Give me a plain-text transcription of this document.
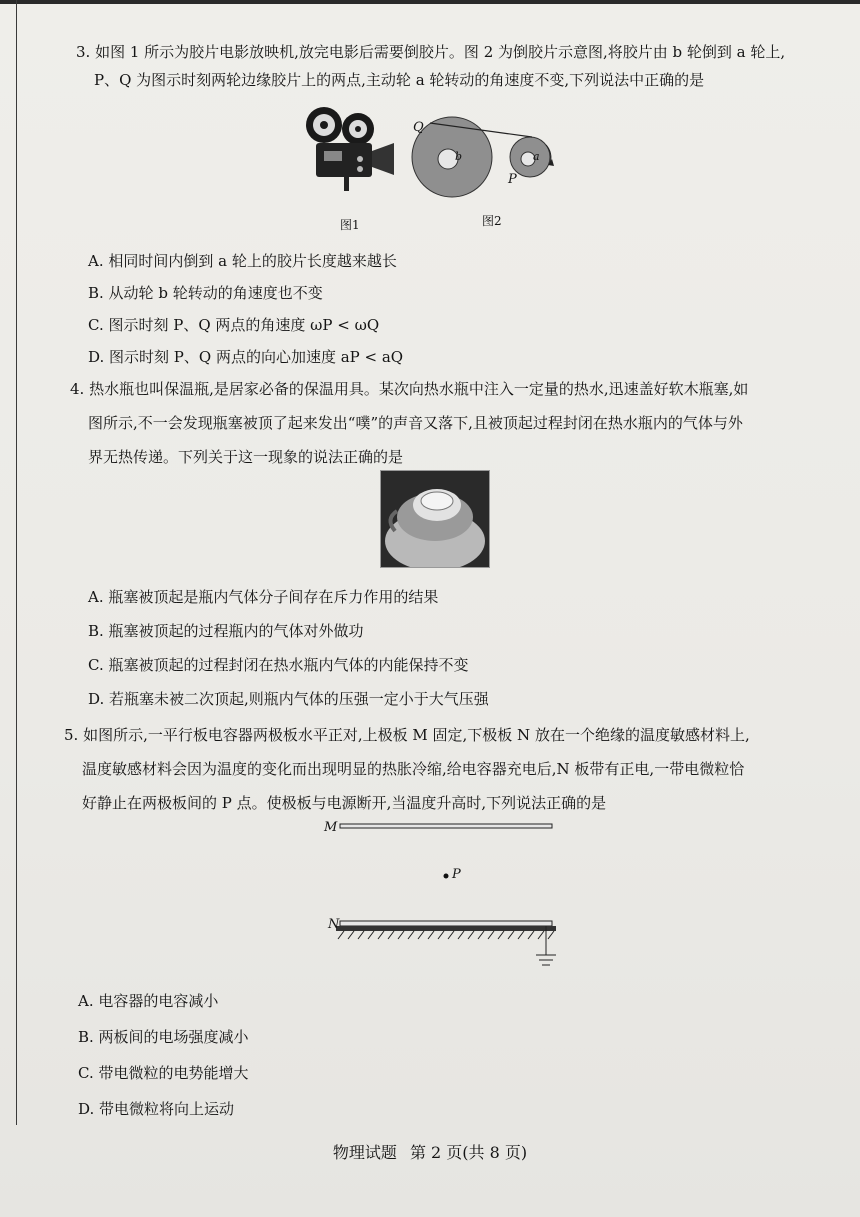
3. 如图 1 所示为胶片电影放映机,放完电影后需要倒胶片。图 2 为倒胶片示意图,将胶片由 b 轮倒到 a 轮上,
P、Q 为图示时刻两轮边缘胶片上的两点,主动轮 a 轮转动的角速度不变,下列说法中正确的是
图1
Q
b	a
P
图2
A. 相同时间内倒到 a 轮上的胶片长度越来越长
B. 从动轮 b 轮转动的角速度也不变
C. 图示时刻 P、Q 两点的角速度 ωP < ωQ
D. 图示时刻 P、Q 两点的向心加速度 aP < aQ
4. 热水瓶也叫保温瓶,是居家必备的保温用具。某次向热水瓶中注入一定量的热水,迅速盖好软木瓶塞,如
图所示,不一会发现瓶塞被顶了起来发出“噗”的声音又落下,且被顶起过程封闭在热水瓶内的气体与外
界无热传递。下列关于这一现象的说法正确的是
A. 瓶塞被顶起是瓶内气体分子间存在斥力作用的结果
B. 瓶塞被顶起的过程瓶内的气体对外做功
C. 瓶塞被顶起的过程封闭在热水瓶内气体的内能保持不变
D. 若瓶塞未被二次顶起,则瓶内气体的压强一定小于大气压强
5. 如图所示,一平行板电容器两极板水平正对,上极板 M 固定,下极板 N 放在一个绝缘的温度敏感材料上,
温度敏感材料会因为温度的变化而出现明显的热胀冷缩,给电容器充电后,N 板带有正电,一带电微粒恰
好静止在两极板间的 P 点。使极板与电源断开,当温度升高时,下列说法正确的是
M
P
N
A. 电容器的电容减小
B. 两板间的电场强度减小
C. 带电微粒的电势能增大
D. 带电微粒将向上运动
物理试题 第 2 页(共 8 页)
